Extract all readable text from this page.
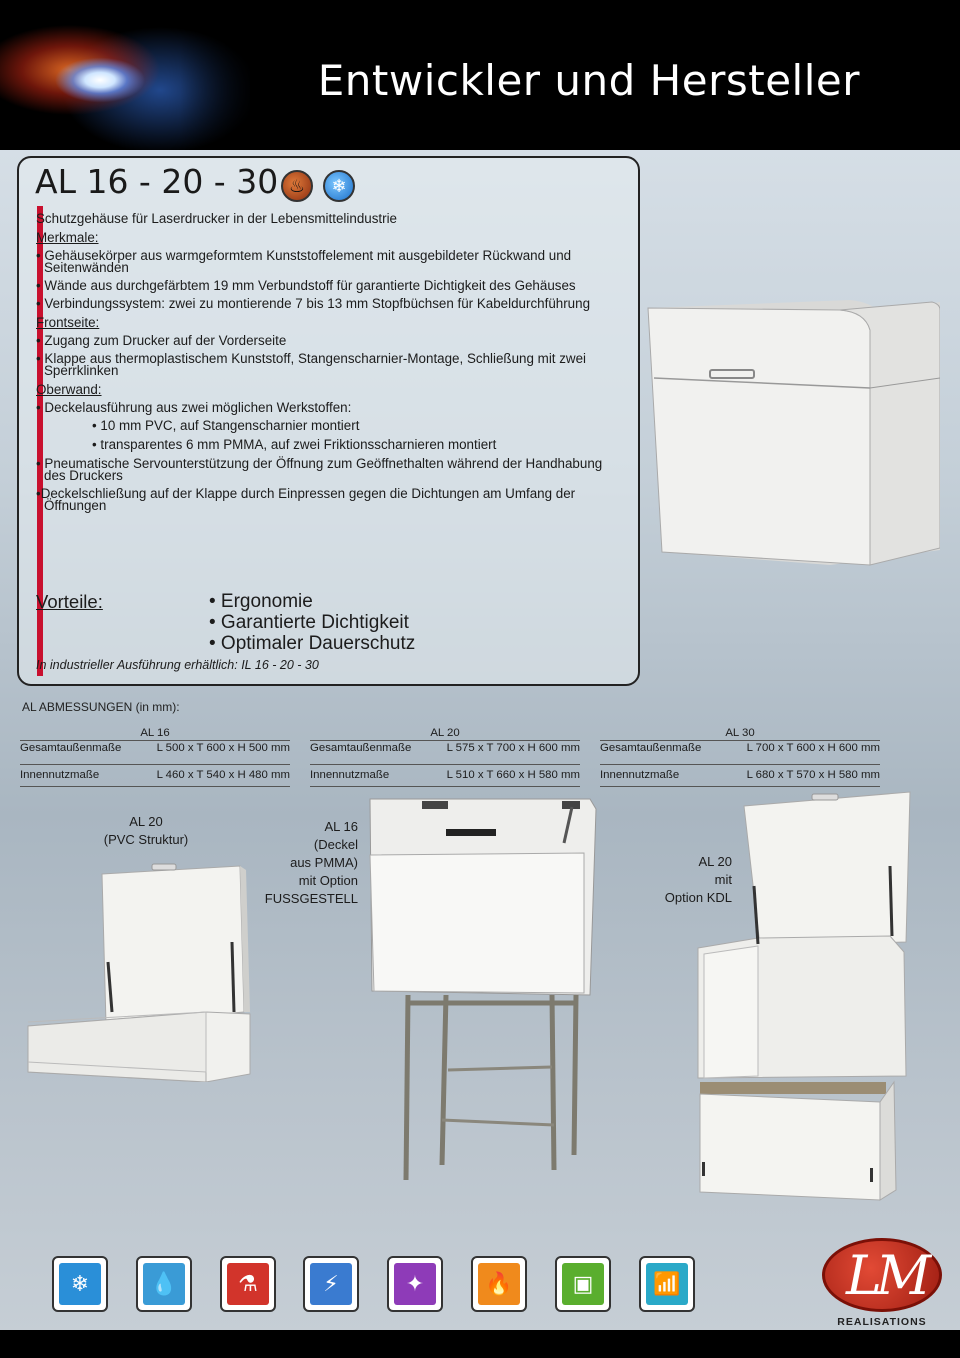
Entwickler und Hersteller
AL 16 - 20 - 30 ♨	❄

Schutzgehäuse für Laserdrucker in der Lebensmittelindustrie

Merkmale:

• Gehäusekörper aus warmgeformtem Kunststoffelement mit ausgebildeter Rückwand und Seitenwänden

• Wände aus durchgefärbtem 19 mm Verbundstoff für garantierte Dichtigkeit des Gehäuses

• Verbindungssystem: zwei zu montierende 7 bis 13 mm Stopfbüchsen für Kabeldurchführung

Frontseite:

• Zugang zum Drucker auf der Vorderseite

• Klappe aus thermoplastischem Kunststoff, Stangenscharnier-Montage, Schließung mit zwei Sperrklinken

Oberwand:

• Deckelausführung aus zwei möglichen Werkstoffen:

• 10 mm PVC, auf Stangenscharnier montiert

• transparentes 6 mm PMMA, auf zwei Friktionsscharnieren montiert

• Pneumatische Servounterstützung der Öffnung zum Geöffnethalten während der Handhabung des Druckers

•Deckelschließung auf der Klappe durch Einpressen gegen die Dichtungen am Umfang der Öffnungen

Vorteile:	• Ergonomie
• Garantierte Dichtigkeit
• Optimaler Dauerschutz
In industrieller Ausführung erhältlich: IL 16 - 20 - 30
AL ABMESSUNGEN (in mm):
AL 16
Gesamtaußenmaße	L 500 x T 600 x H 500 mm
Innennutzmaße	L 460 x T 540 x H 480 mm
AL 20
Gesamtaußenmaße	L 575 x T 700 x H 600 mm
Innennutzmaße	L 510 x T 660 x H 580 mm
AL 30
Gesamtaußenmaße	L 700 x T 600 x H 600 mm
Innennutzmaße	L 680 x T 570 x H 580 mm
AL 20
(PVC Struktur)
AL 16
(Deckel
aus PMMA)
mit Option
FUSSGESTELL
AL 20
mit
Option KDL
❄	💧	⚗	⚡	✦	🔥	▣	📶	LM
REALISATIONS
